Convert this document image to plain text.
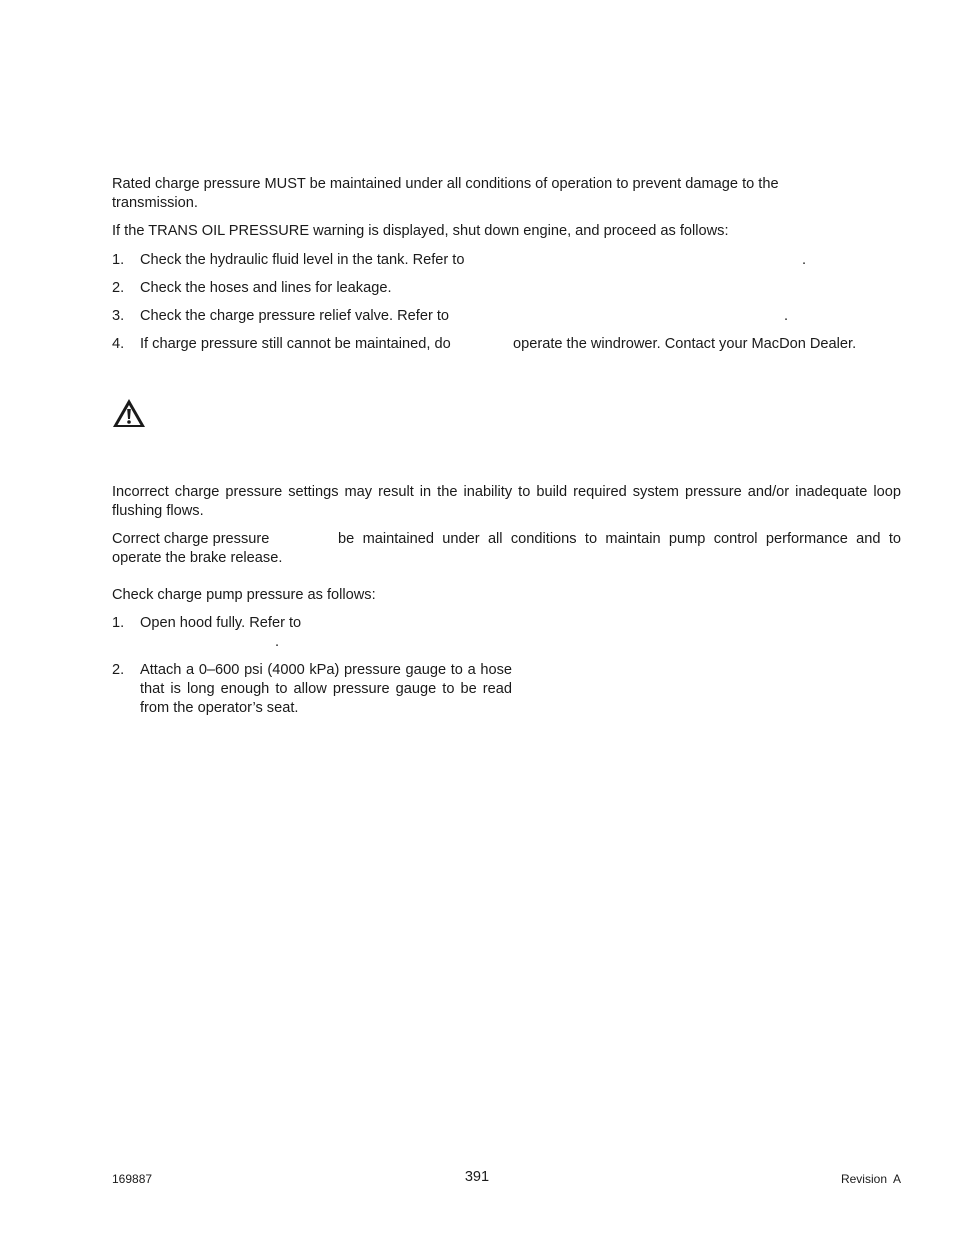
Rated charge pressure MUST be maintained under all conditions of operation to prevent damage to the transmission.

If the TRANS OIL PRESSURE warning is displayed, shut down engine, and proceed as follows:

1. Check the hydraulic fluid level in the tank. Refer to	.
2. Check the hoses and lines for leakage.
3. Check the charge pressure relief valve. Refer to	.
4. If charge pressure still cannot be maintained, do	operate the windrower. Contact your MacDon Dealer.

Incorrect charge pressure settings may result in the inability to build required system pressure and/or inadequate loop flushing flows.

Correct charge pressure	be maintained under all conditions to maintain pump control performance and to operate the brake release.

Check charge pump pressure as follows:

1. Open hood fully. Refer to
.
2. Attach a 0–600 psi (4000 kPa) pressure gauge to a hose that is long enough to allow pressure gauge to be read from the operator’s seat.

169887	391	Revision  A
